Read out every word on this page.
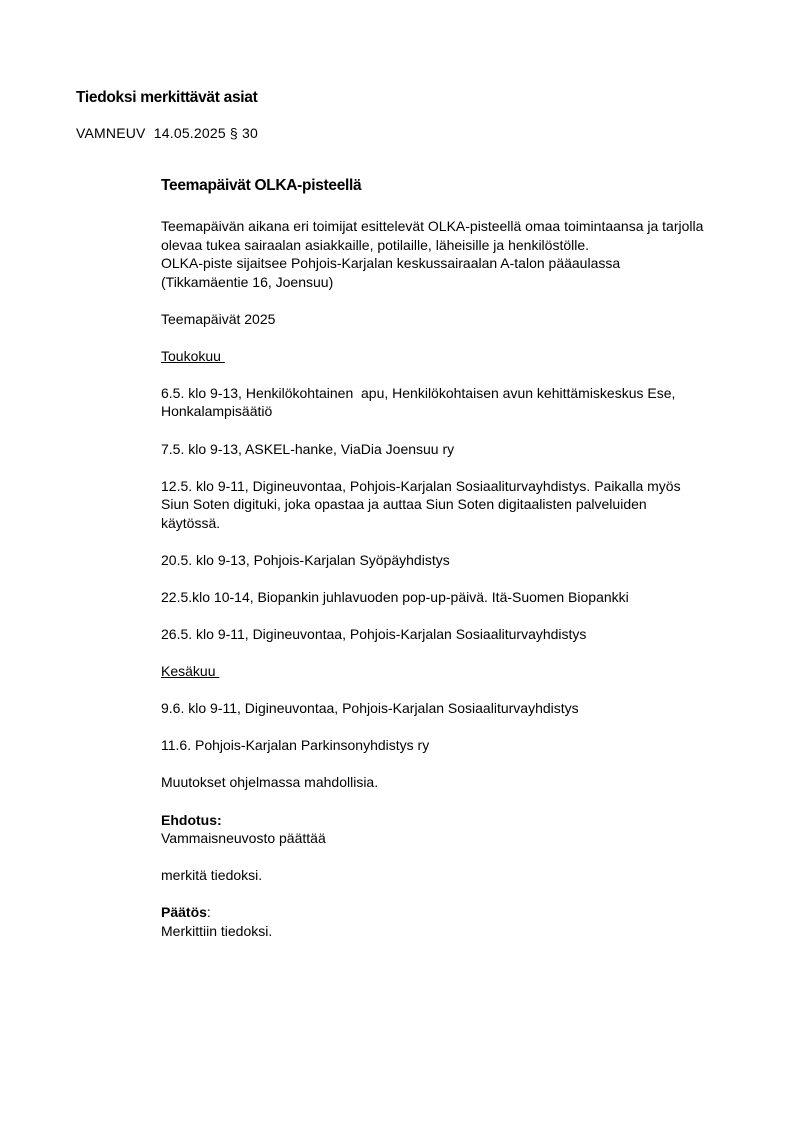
Tiedoksi merkittävät asiat
VAMNEUV  14.05.2025 § 30
Teemapäivät OLKA-pisteellä
Teemapäivän aikana eri toimijat esittelevät OLKA-pisteellä omaa toimintaansa ja tarjolla
olevaa tukea sairaalan asiakkaille, potilaille, läheisille ja henkilöstölle.
OLKA-piste sijaitsee Pohjois-Karjalan keskussairaalan A-talon pääaulassa
(Tikkamäentie 16, Joensuu)
Teemapäivät 2025
Toukokuu
6.5. klo 9-13, Henkilökohtainen  apu, Henkilökohtaisen avun kehittämiskeskus Ese,
Honkalampisäätiö
7.5. klo 9-13, ASKEL-hanke, ViaDia Joensuu ry
12.5. klo 9-11, Digineuvontaa, Pohjois-Karjalan Sosiaaliturvayhdistys. Paikalla myös
Siun Soten digituki, joka opastaa ja auttaa Siun Soten digitaalisten palveluiden
käytössä.
20.5. klo 9-13, Pohjois-Karjalan Syöpäyhdistys
22.5.klo 10-14, Biopankin juhlavuoden pop-up-päivä. Itä-Suomen Biopankki
26.5. klo 9-11, Digineuvontaa, Pohjois-Karjalan Sosiaaliturvayhdistys
Kesäkuu
9.6. klo 9-11, Digineuvontaa, Pohjois-Karjalan Sosiaaliturvayhdistys
11.6. Pohjois-Karjalan Parkinsonyhdistys ry
Muutokset ohjelmassa mahdollisia.
Ehdotus:
Vammaisneuvosto päättää
merkitä tiedoksi.
Päätös:
Merkittiin tiedoksi.
